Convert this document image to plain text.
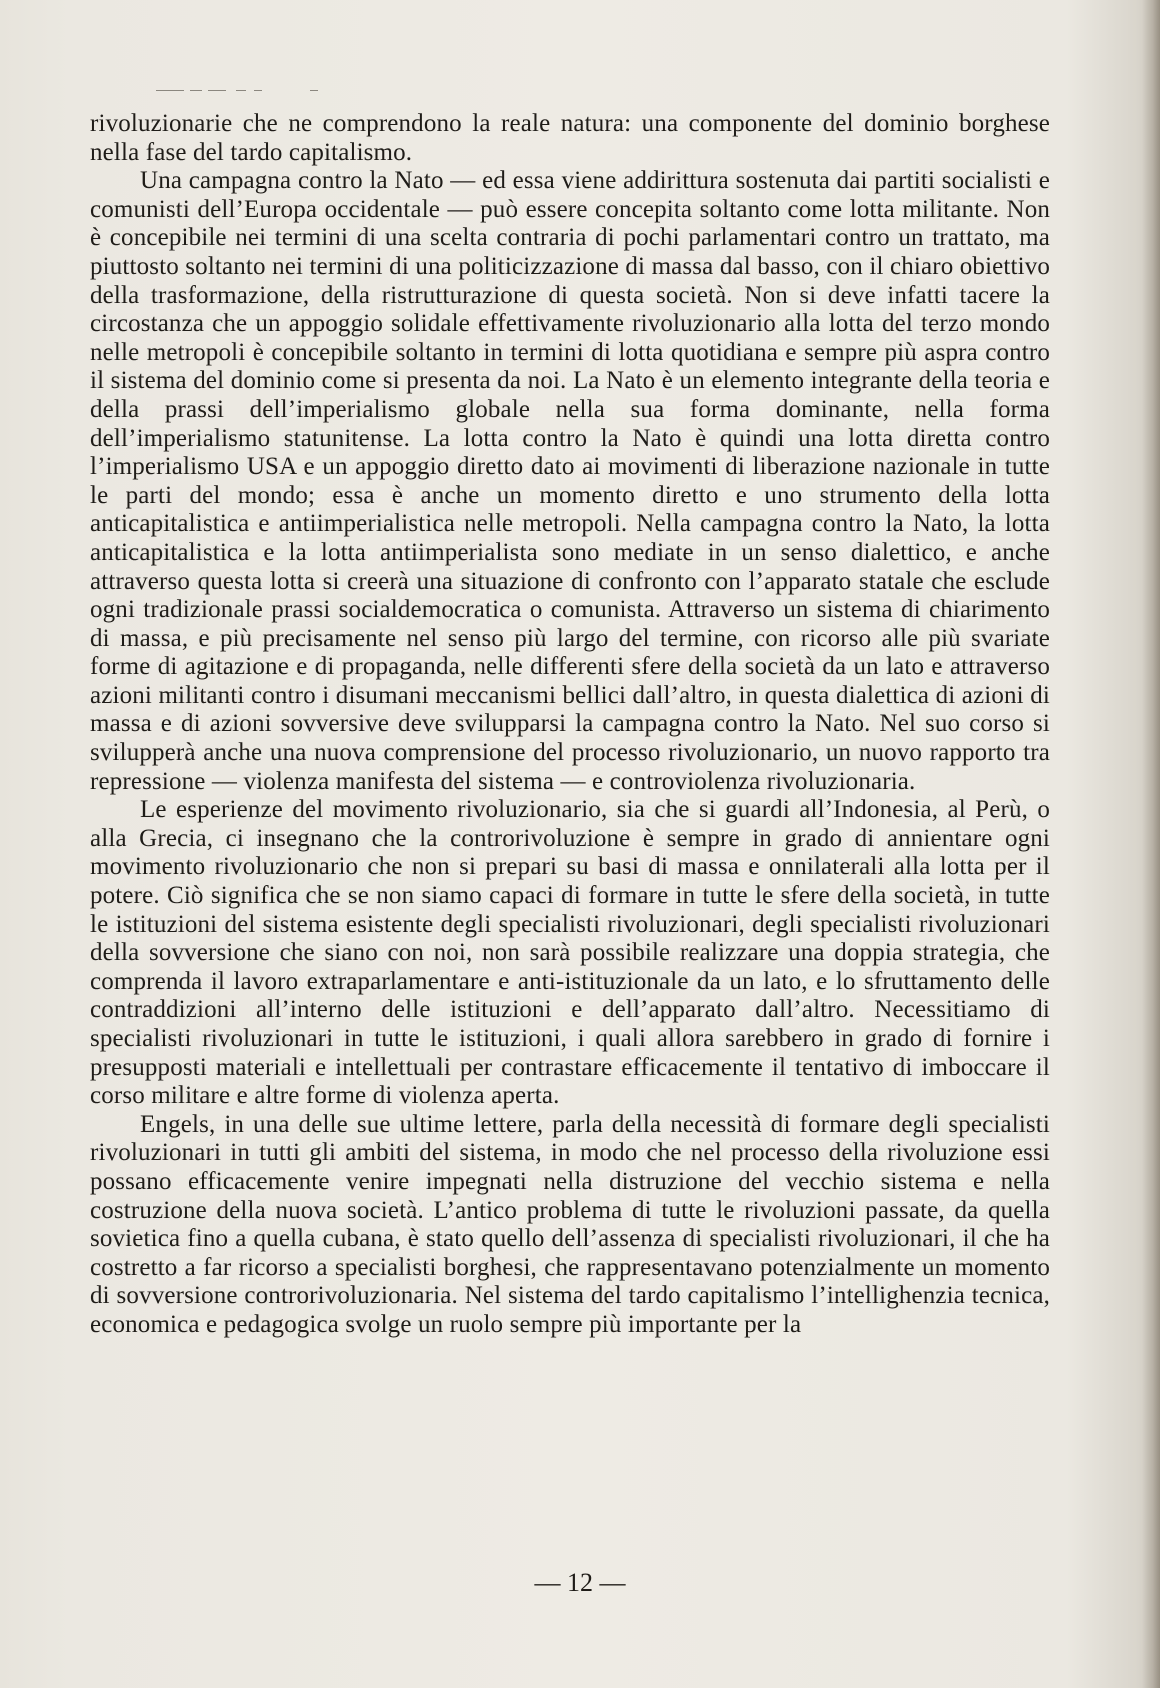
rivoluzionarie che ne comprendono la reale natura: una componente del dominio borghese nella fase del tardo capitalismo.

Una campagna contro la Nato — ed essa viene addirittura sostenuta dai partiti socialisti e comunisti dell’Europa occidentale — può essere concepita soltanto come lotta militante. Non è concepibile nei termini di una scelta contraria di pochi parlamentari contro un trattato, ma piuttosto soltanto nei termini di una politicizzazione di massa dal basso, con il chiaro obiettivo della trasformazione, della ristrutturazione di questa società. Non si deve infatti tacere la circostanza che un appoggio solidale effettivamente rivoluzionario alla lotta del terzo mondo nelle metropoli è concepibile soltanto in termini di lotta quotidiana e sempre più aspra contro il sistema del dominio come si presenta da noi. La Nato è un elemento integrante della teoria e della prassi dell’imperialismo globale nella sua forma dominante, nella forma dell’imperialismo statunitense. La lotta contro la Nato è quindi una lotta diretta contro l’imperialismo USA e un appoggio diretto dato ai movimenti di liberazione nazionale in tutte le parti del mondo; essa è anche un momento diretto e uno strumento della lotta anticapitalistica e antiimperialistica nelle metropoli. Nella campagna contro la Nato, la lotta anticapitalistica e la lotta antiimperialista sono mediate in un senso dialettico, e anche attraverso questa lotta si creerà una situazione di confronto con l’apparato statale che esclude ogni tradizionale prassi socialdemocratica o comunista. Attraverso un sistema di chiarimento di massa, e più precisamente nel senso più largo del termine, con ricorso alle più svariate forme di agitazione e di propaganda, nelle differenti sfere della società da un lato e attraverso azioni militanti contro i disumani meccanismi bellici dall’altro, in questa dialettica di azioni di massa e di azioni sovversive deve svilupparsi la campagna contro la Nato. Nel suo corso si svilupperà anche una nuova comprensione del processo rivoluzionario, un nuovo rapporto tra repressione — violenza manifesta del sistema — e controviolenza rivoluzionaria.

Le esperienze del movimento rivoluzionario, sia che si guardi all’Indonesia, al Perù, o alla Grecia, ci insegnano che la controrivoluzione è sempre in grado di annientare ogni movimento rivoluzionario che non si prepari su basi di massa e onnilaterali alla lotta per il potere. Ciò significa che se non siamo capaci di formare in tutte le sfere della società, in tutte le istituzioni del sistema esistente degli specialisti rivoluzionari, degli specialisti rivoluzionari della sovversione che siano con noi, non sarà possibile realizzare una doppia strategia, che comprenda il lavoro extraparlamentare e anti-istituzionale da un lato, e lo sfruttamento delle contraddizioni all’interno delle istituzioni e dell’apparato dall’altro. Necessitiamo di specialisti rivoluzionari in tutte le istituzioni, i quali allora sarebbero in grado di fornire i presupposti materiali e intellettuali per contrastare efficacemente il tentativo di imboccare il corso militare e altre forme di violenza aperta.

Engels, in una delle sue ultime lettere, parla della necessità di formare degli specialisti rivoluzionari in tutti gli ambiti del sistema, in modo che nel processo della rivoluzione essi possano efficacemente venire impegnati nella distruzione del vecchio sistema e nella costruzione della nuova società. L’antico problema di tutte le rivoluzioni passate, da quella sovietica fino a quella cubana, è stato quello dell’assenza di specialisti rivoluzionari, il che ha costretto a far ricorso a specialisti borghesi, che rappresentavano potenzialmente un momento di sovversione controrivoluzionaria. Nel sistema del tardo capitalismo l’intellighenzia tecnica, economica e pedagogica svolge un ruolo sempre più importante per la

— 12 —
